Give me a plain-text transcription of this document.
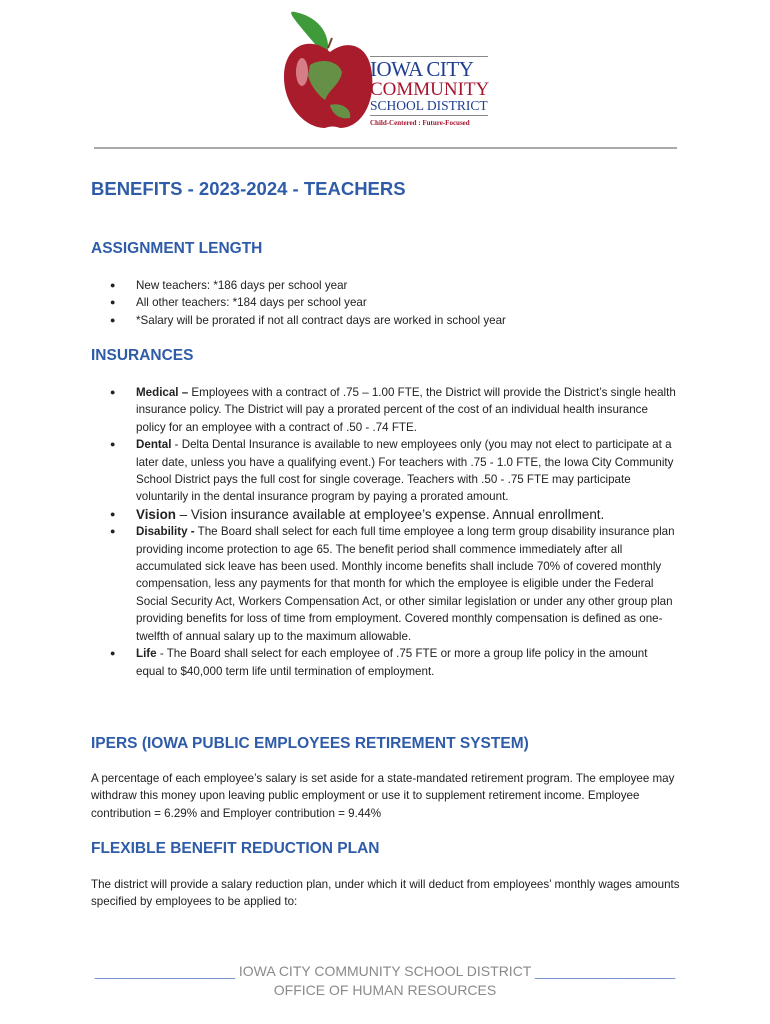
IOWA CITY
COMMUNITY
SCHOOL DISTRICT
Child-Centered : Future-Focused
BENEFITS - 2023-2024 - TEACHERS
ASSIGNMENT LENGTH
● New teachers: *186 days per school year
● All other teachers: *184 days per school year
● *Salary will be prorated if not all contract days are worked in school year
INSURANCES
● Medical – Employees with a contract of .75 – 1.00 FTE, the District will provide the District’s single health insurance policy. The District will pay a prorated percent of the cost of an individual health insurance policy for an employee with a contract of .50 - .74 FTE.
● Dental - Delta Dental Insurance is available to new employees only (you may not elect to participate at a later date, unless you have a qualifying event.) For teachers with .75 - 1.0 FTE, the Iowa City Community School District pays the full cost for single coverage. Teachers with .50 - .75 FTE may participate voluntarily in the dental insurance program by paying a prorated amount.
● Vision – Vision insurance available at employee’s expense. Annual enrollment.
● Disability - The Board shall select for each full time employee a long term group disability insurance plan providing income protection to age 65. The benefit period shall commence immediately after all accumulated sick leave has been used. Monthly income benefits shall include 70% of covered monthly compensation, less any payments for that month for which the employee is eligible under the Federal Social Security Act, Workers Compensation Act, or other similar legislation or under any other group plan providing benefits for loss of time from employment. Covered monthly compensation is defined as one-twelfth of annual salary up to the maximum allowable.
● Life - The Board shall select for each employee of .75 FTE or more a group life policy in the amount equal to $40,000 term life until termination of employment.
IPERS (IOWA PUBLIC EMPLOYEES RETIREMENT SYSTEM)

A percentage of each employee’s salary is set aside for a state-mandated retirement program. The employee may withdraw this money upon leaving public employment or use it to supplement retirement income. Employee contribution = 6.29% and Employer contribution = 9.44%

FLEXIBLE BENEFIT REDUCTION PLAN

The district will provide a salary reduction plan, under which it will deduct from employees’ monthly wages amounts specified by employees to be applied to:

__________________ IOWA CITY COMMUNITY SCHOOL DISTRICT __________________
OFFICE OF HUMAN RESOURCES
